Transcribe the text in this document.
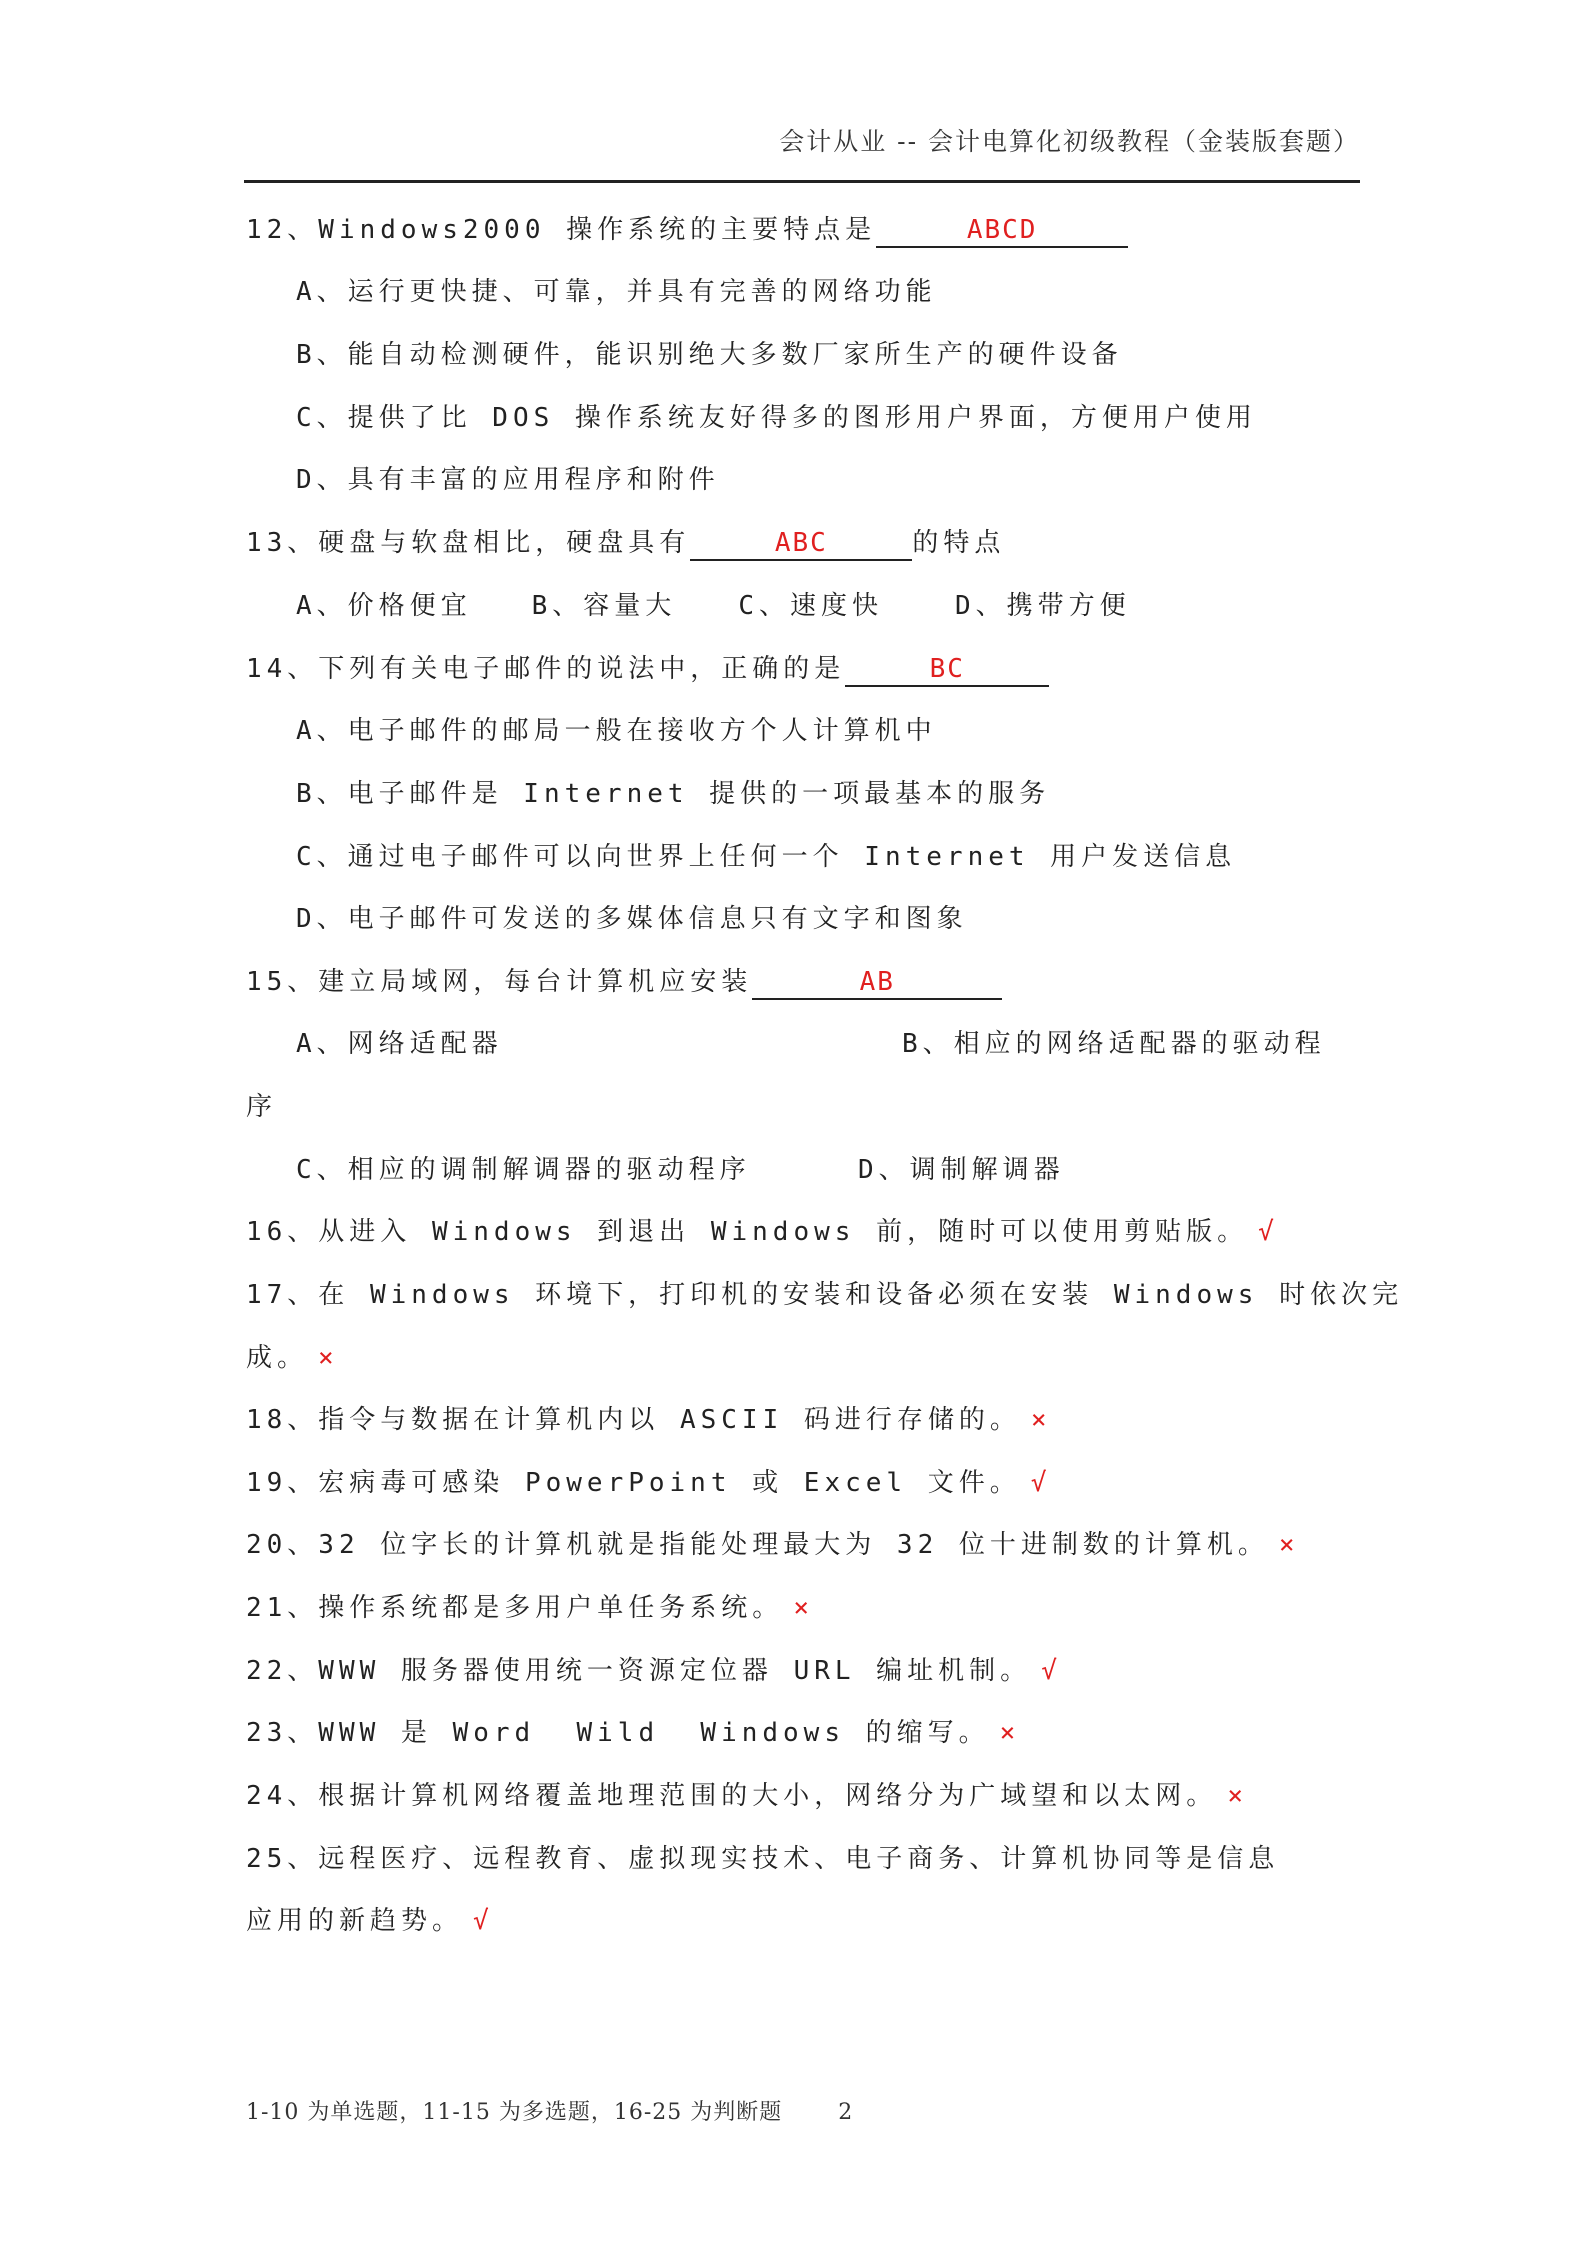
会计从业 -- 会计电算化初级教程（金装版套题）
12、Windows2000 操作系统的主要特点是	ABCD
A、运行更快捷、可靠，并具有完善的网络功能
B、能自动检测硬件，能识别绝大多数厂家所生产的硬件设备
C、提供了比 DOS 操作系统友好得多的图形用户界面，方便用户使用
D、具有丰富的应用程序和附件
13、硬盘与软盘相比，硬盘具有	ABC	的特点
A、价格便宜 B、容量大 C、速度快	D、携带方便
14、下列有关电子邮件的说法中，正确的是	BC
A、电子邮件的邮局一般在接收方个人计算机中
B、电子邮件是 Internet 提供的一项最基本的服务
C、通过电子邮件可以向世界上任何一个 Internet 用户发送信息
D、电子邮件可发送的多媒体信息只有文字和图象
15、建立局域网，每台计算机应安装	AB
A、网络适配器	B、相应的网络适配器的驱动程
序
C、相应的调制解调器的驱动程序	D、调制解调器
16、从进入 Windows 到退出 Windows 前，随时可以使用剪贴版。 √
17、在 Windows 环境下，打印机的安装和设备必须在安装 Windows 时依次完
成。 ×
18、指令与数据在计算机内以 ASCII 码进行存储的。 ×
19、宏病毒可感染 PowerPoint 或 Excel 文件。 √
20、32 位字长的计算机就是指能处理最大为 32 位十进制数的计算机。 ×
21、操作系统都是多用户单任务系统。 ×
22、WWW 服务器使用统一资源定位器 URL 编址机制。 √
23、WWW 是 Word  Wild  Windows 的缩写。 ×
24、根据计算机网络覆盖地理范围的大小，网络分为广域望和以太网。 ×
25、远程医疗、远程教育、虚拟现实技术、电子商务、计算机协同等是信息
应用的新趋势。 √
1-10 为单选题，11-15 为多选题，16-25 为判断题	2
